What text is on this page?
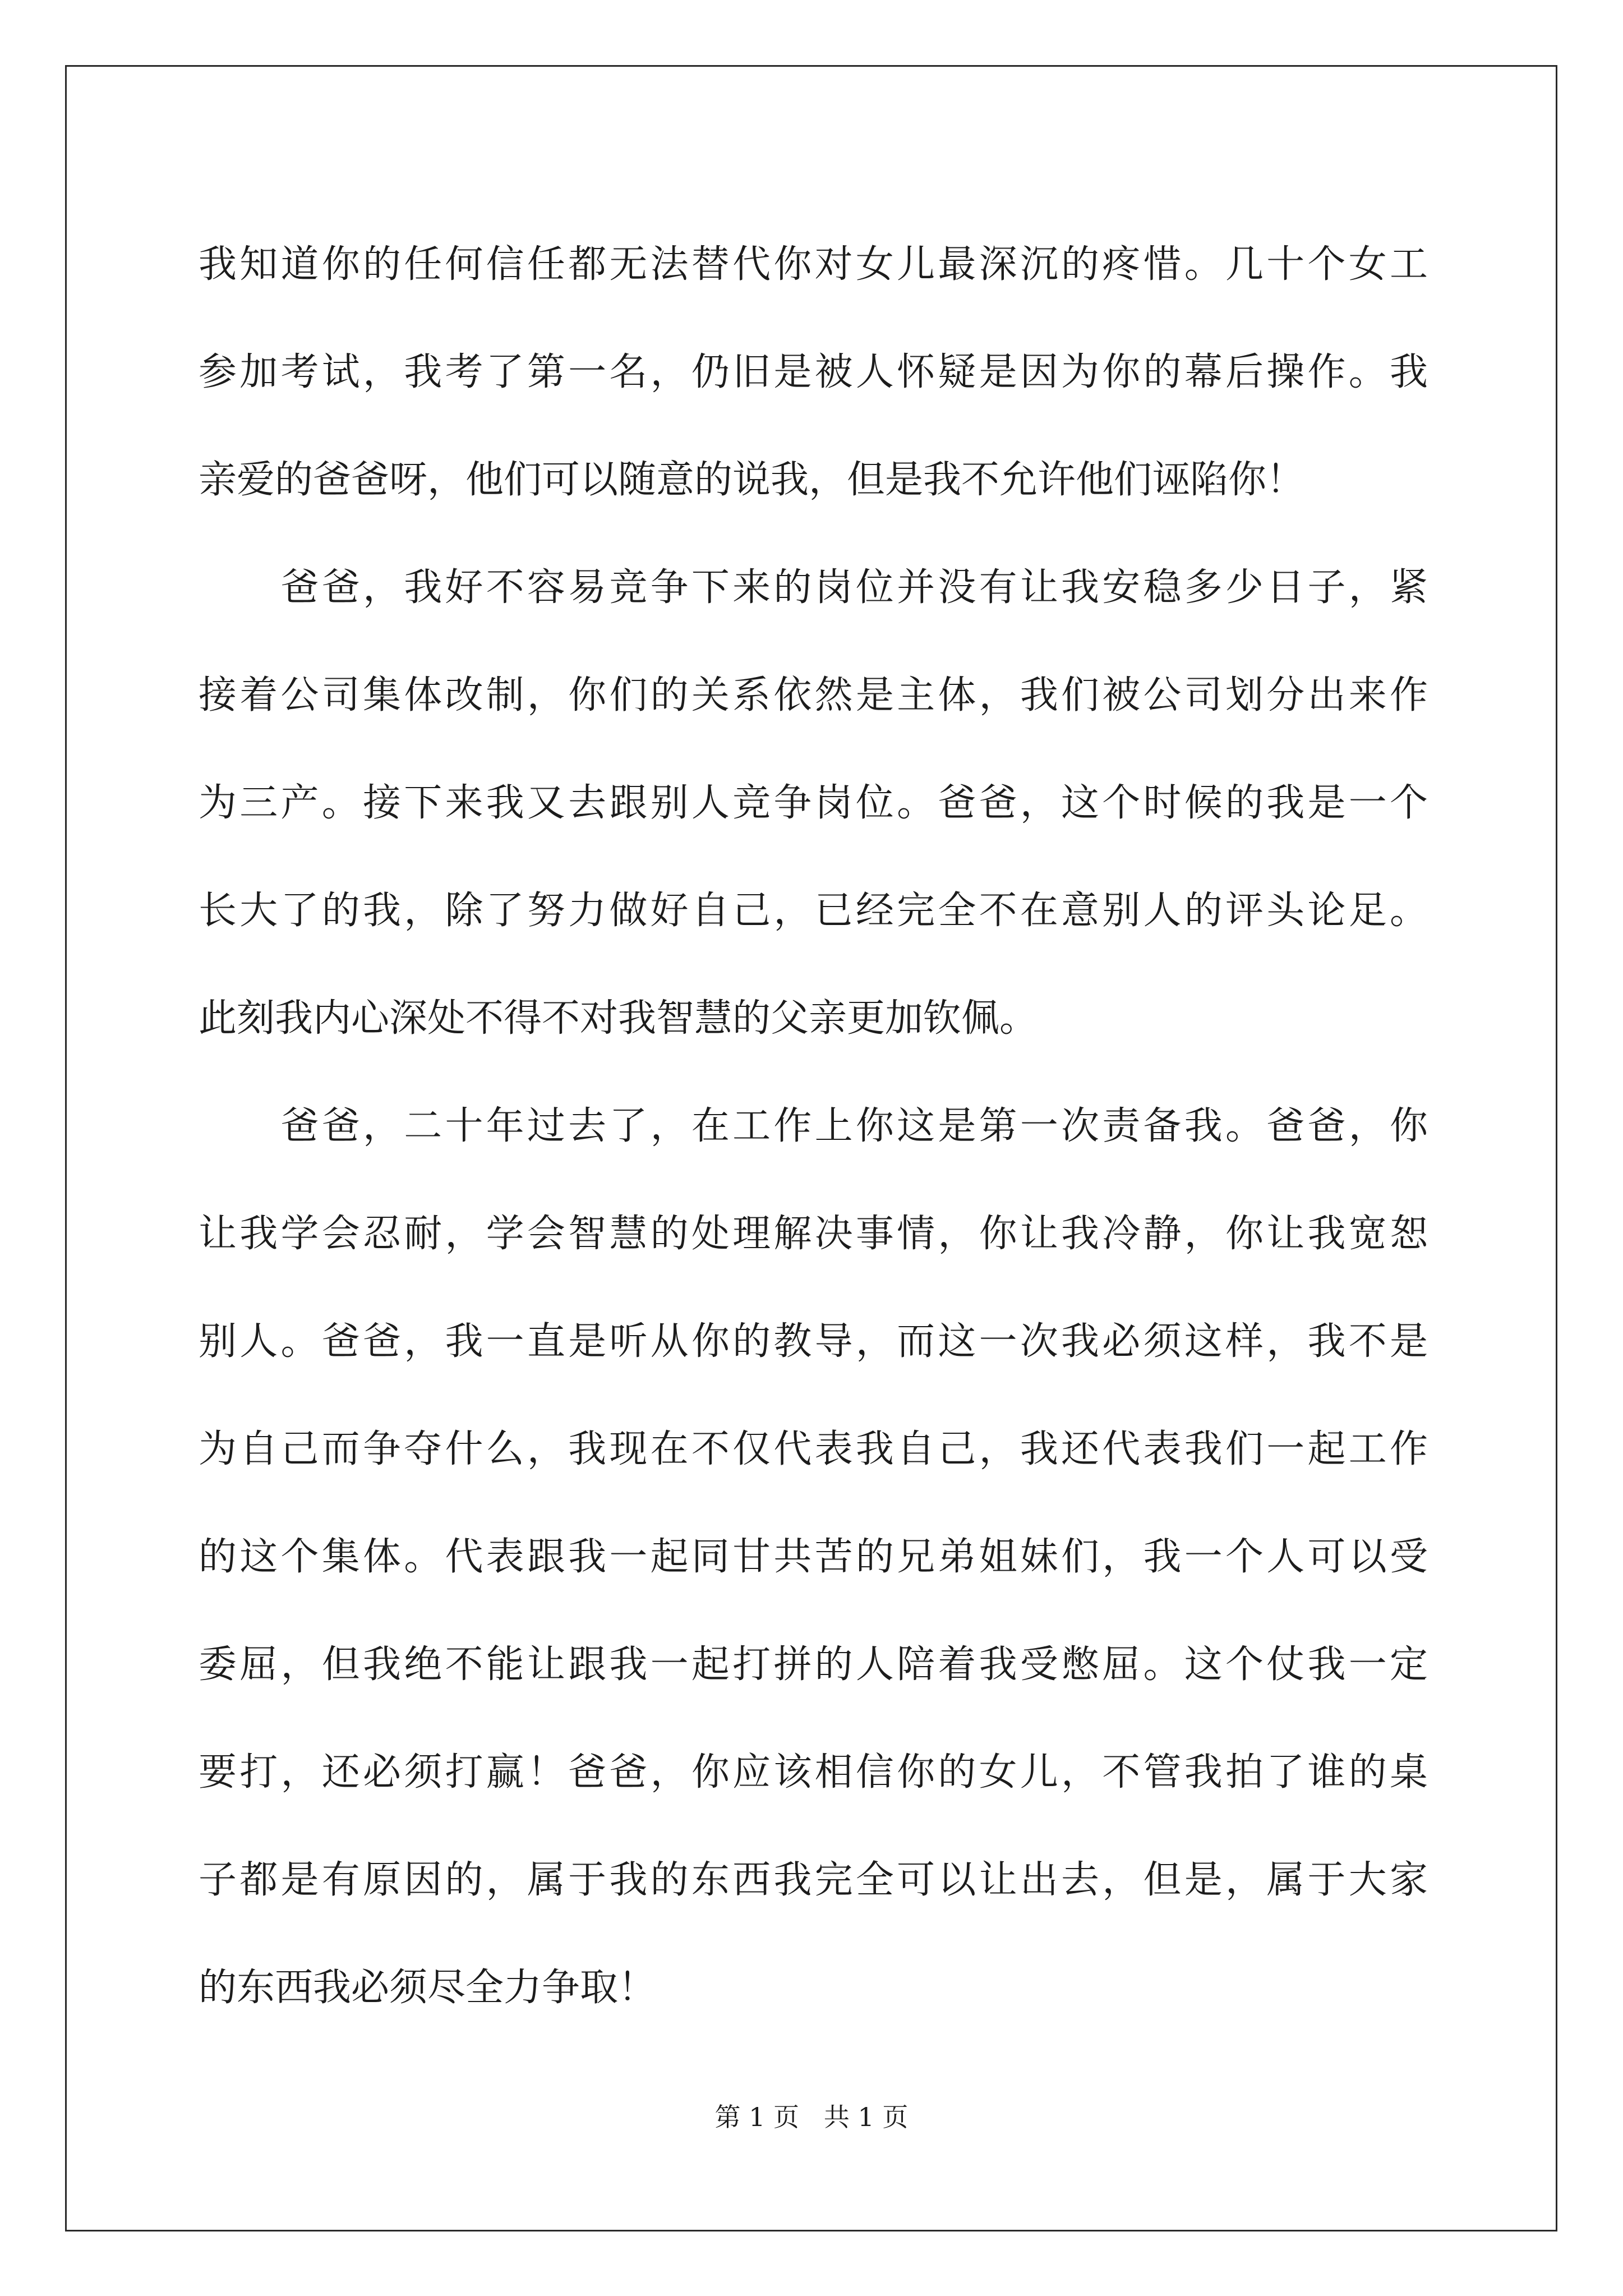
我知道你的任何信任都无法替代你对女儿最深沉的疼惜。几十个女工
参加考试，我考了第一名，仍旧是被人怀疑是因为你的幕后操作。我
亲爱的爸爸呀，他们可以随意的说我，但是我不允许他们诬陷你！
　　爸爸，我好不容易竞争下来的岗位并没有让我安稳多少日子，紧
接着公司集体改制，你们的关系依然是主体，我们被公司划分出来作
为三产。接下来我又去跟别人竞争岗位。爸爸，这个时候的我是一个
长大了的我，除了努力做好自己，已经完全不在意别人的评头论足。
此刻我内心深处不得不对我智慧的父亲更加钦佩。
　　爸爸，二十年过去了，在工作上你这是第一次责备我。爸爸，你
让我学会忍耐，学会智慧的处理解决事情，你让我冷静，你让我宽恕
别人。爸爸，我一直是听从你的教导，而这一次我必须这样，我不是
为自己而争夺什么，我现在不仅代表我自己，我还代表我们一起工作
的这个集体。代表跟我一起同甘共苦的兄弟姐妹们，我一个人可以受
委屈，但我绝不能让跟我一起打拼的人陪着我受憋屈。这个仗我一定
要打，还必须打赢！爸爸，你应该相信你的女儿，不管我拍了谁的桌
子都是有原因的，属于我的东西我完全可以让出去，但是，属于大家
的东西我必须尽全力争取！
第 1 页   共 1 页
